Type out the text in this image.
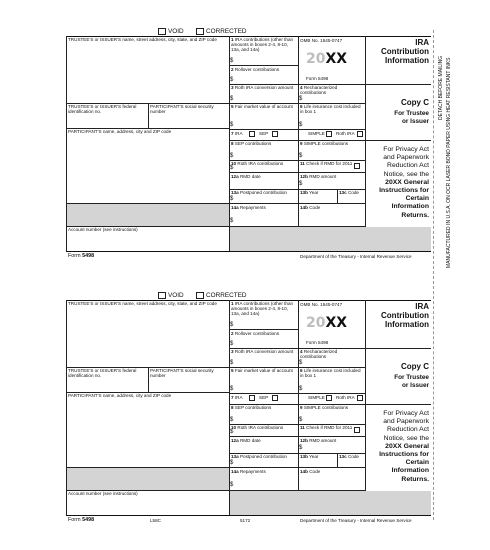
VOID	CORRECTED
TRUSTEE'S or ISSUER'S name, street address, city, state, and ZIP code
TRUSTEE'S or ISSUER'S federal identification no.
PARTICIPANT'S social security number
PARTICIPANT'S name, address, city and ZIP code
Account number (see instructions)
1 IRA contributions (other than amounts in boxes 2-4, 8-10, 13a, and 14a)
$
2 Rollover contributions
$
3 Roth IRA conversion amount
$
4 Recharacterized contributions
$
5 Fair market value of account
$
6 Life insurance cost included in box 1
$
7 IRA	SEP	SIMPLE Roth IRA
8 SEP contributions
$
9 SIMPLE contributions
$
10 Roth IRA contributions
$
11 Check if RMD for 2011
12a RMD date	12b RMD amount
$
13a Postponed contribution
$
13b Year	13c Code
14a Repayments
$
14b Code
OMB No. 1545-0747
20XX
Form 5498
IRA
Contribution
Information
Copy C
For Trustee
or Issuer
For Privacy Act
and Paperwork
Reduction Act
Notice, see the
20XX General
Instructions for
Certain
Information
Returns.
Form 5498	Department of the Treasury - Internal Revenue Service
VOID	CORRECTED
TRUSTEE'S or ISSUER'S name, street address, city, state, and ZIP code
TRUSTEE'S or ISSUER'S federal identification no.
PARTICIPANT'S social security number
PARTICIPANT'S name, address, city and ZIP code
Account number (see instructions)
1 IRA contributions (other than amounts in boxes 2-4, 8-10, 13a, and 14a)
$
2 Rollover contributions
$
3 Roth IRA conversion amount
$
4 Recharacterized contributions
$
5 Fair market value of account
$
6 Life insurance cost included in box 1
$
7 IRA	SEP	SIMPLE Roth IRA
8 SEP contributions
$
9 SIMPLE contributions
$
10 Roth IRA contributions
$
11 Check if RMD for 2011
12a RMD date	12b RMD amount
$
13a Postponed contribution
$
13b Year	13c Code
14a Repayments
$
14b Code
OMB No. 1545-0747
20XX
Form 5498
IRA
Contribution
Information
Copy C
For Trustee
or Issuer
For Privacy Act
and Paperwork
Reduction Act
Notice, see the
20XX General
Instructions for
Certain
Information
Returns.
Form 5498	L58C	5172	Department of the Treasury - Internal Revenue Service
DETACH BEFORE MAILING MANUFACTURED IN U.S.A. ON OCR LASER BOND PAPER USING HEAT RESISTANT INKS
